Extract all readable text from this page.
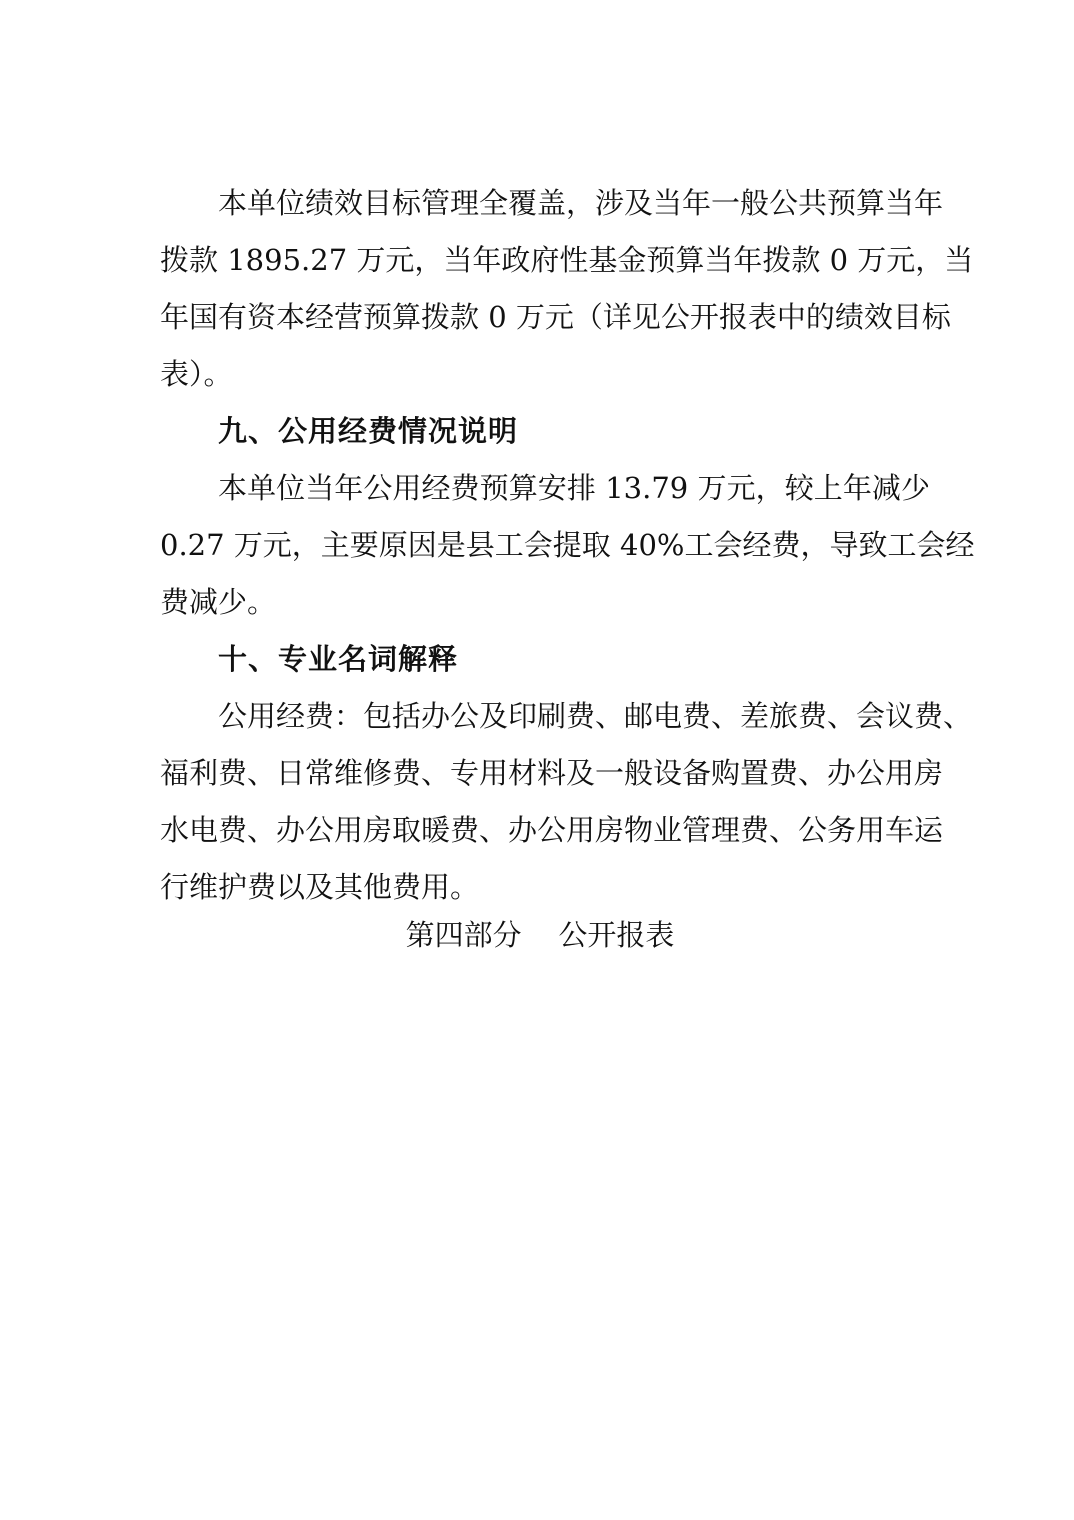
本单位绩效目标管理全覆盖，涉及当年一般公共预算当年
拨款 1895.27 万元，当年政府性基金预算当年拨款 0 万元，当
年国有资本经营预算拨款 0 万元（详见公开报表中的绩效目标
表）。
九、公用经费情况说明
本单位当年公用经费预算安排 13.79 万元，较上年减少
0.27 万元，主要原因是县工会提取 40%工会经费，导致工会经
费减少。
十、专业名词解释
公用经费：包括办公及印刷费、邮电费、差旅费、会议费、
福利费、日常维修费、专用材料及一般设备购置费、办公用房
水电费、办公用房取暖费、办公用房物业管理费、公务用车运
行维护费以及其他费用。
第四部分    公开报表
